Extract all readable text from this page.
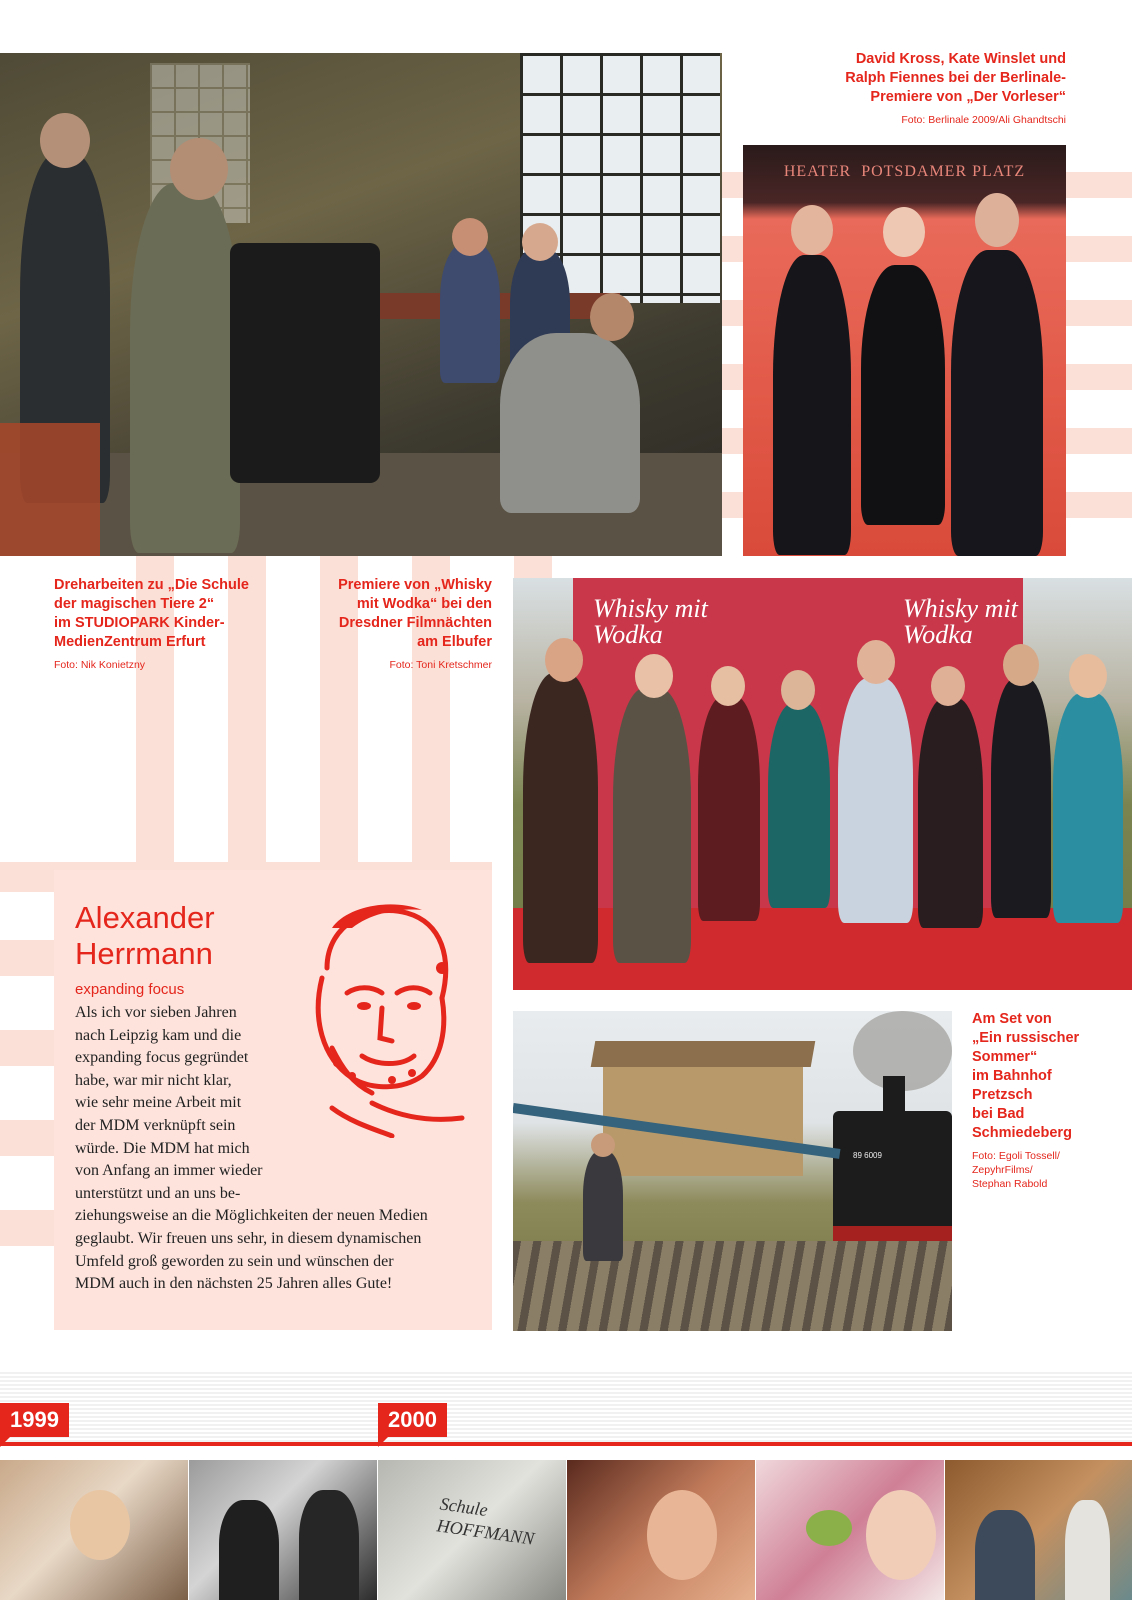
David Kross, Kate Winslet und
Ralph Fiennes bei der Berlinale-
Premiere von „Der Vorleser“
Foto: Berlinale 2009/Ali Ghandtschi
HEATER  POTSDAMER PLATZ
Dreharbeiten zu „Die Schule
der magischen Tiere 2“
im STUDIOPARK Kinder-
MedienZentrum Erfurt
Foto: Nik Konietzny
Premiere von „Whisky
mit Wodka“ bei den
Dresdner Filmnächten
am Elbufer
Foto: Toni Kretschmer
Whisky mit Wodka
Whisky mit Wodka
Alexander
Herrmann
expanding focus
Als ich vor sieben Jahren
nach Leipzig kam und die
expanding focus gegründet
habe, war mir nicht klar,
wie sehr meine Arbeit mit
der MDM verknüpft sein
würde. Die MDM hat mich
von Anfang an immer wieder
unterstützt und an uns be-
ziehungsweise an die Möglichkeiten der neuen Medien
geglaubt. Wir freuen uns sehr, in diesem dynamischen
Umfeld groß geworden zu sein und wünschen der
MDM auch in den nächsten 25 Jahren alles Gute!
89 6009
Am Set von
„Ein russischer
Sommer“
im Bahnhof
Pretzsch
bei Bad
Schmiedeberg
Foto: Egoli Tossell/
ZepyhrFilms/
Stephan Rabold
1999	2000
Schule HOFFMANN
